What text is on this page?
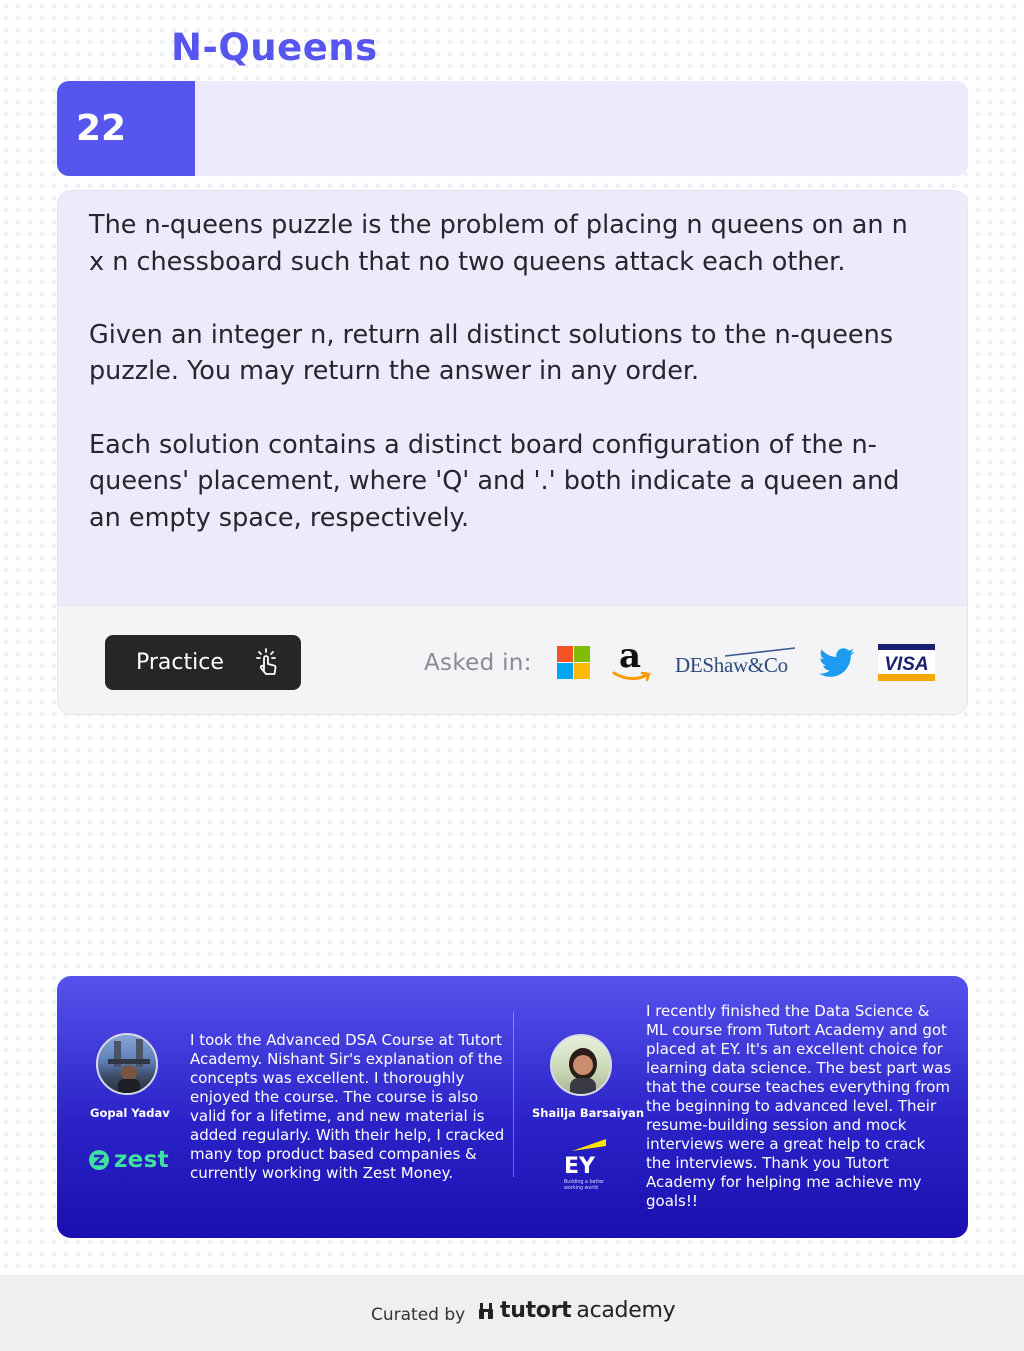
22
N-Queens

The n-queens puzzle is the problem of placing n queens on an n x n chessboard such that no two queens attack each other.

Given an integer n, return all distinct solutions to the n-queens puzzle. You may return the answer in any order.

Each solution contains a distinct board configuration of the n-queens' placement, where 'Q' and '.' both indicate a queen and an empty space, respectively.

Practice	Asked in:	a DEShaw&Co	VISA
Gopal Yadav
zest
I took the Advanced DSA Course at Tutort Academy. Nishant Sir's explanation of the concepts was excellent. I thoroughly enjoyed the course. The course is also valid for a lifetime, and new material is added regularly. With their help, I cracked many top product based companies & currently working with Zest Money.
Shailja Barsaiyan
EY
Building a better working world
I recently finished the Data Science & ML course from Tutort Academy and got placed at EY. It's an excellent choice for learning data science. The best part was that the course teaches everything from the beginning to advanced level. Their resume-building session and mock interviews were a great help to crack the interviews. Thank you Tutort Academy for helping me achieve my goals!!
Curated by tutort academy
